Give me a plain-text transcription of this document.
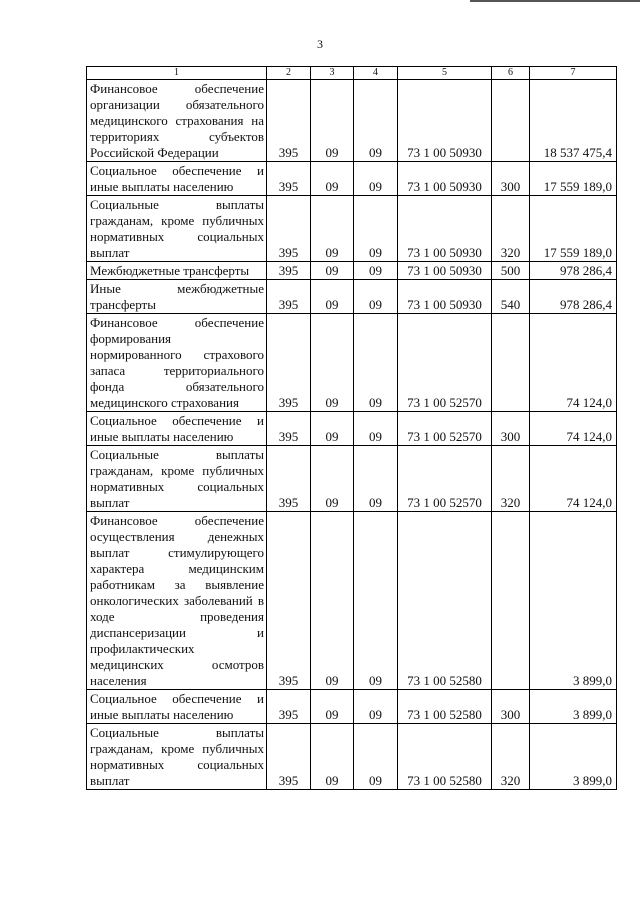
3
1	2	3	4	5	6	7
Финансовое обеспечение организации обязательного медицинского страхования на территориях субъектов Российской Федерации	395	09	09	73 1 00 50930		18 537 475,4
Социальное обеспечение и иные выплаты населению	395	09	09	73 1 00 50930	300	17 559 189,0
Социальные выплаты гражданам, кроме публичных нормативных социальных выплат	395	09	09	73 1 00 50930	320	17 559 189,0
Межбюджетные трансферты	395	09	09	73 1 00 50930	500	978 286,4
Иные межбюджетные трансферты	395	09	09	73 1 00 50930	540	978 286,4
Финансовое обеспечение формирования нормированного страхового запаса территориального фонда обязательного медицинского страхования	395	09	09	73 1 00 52570		74 124,0
Социальное обеспечение и иные выплаты населению	395	09	09	73 1 00 52570	300	74 124,0
Социальные выплаты гражданам, кроме публичных нормативных социальных выплат	395	09	09	73 1 00 52570	320	74 124,0
Финансовое обеспечение осуществления денежных выплат стимулирующего характера медицинским работникам за выявление онкологических заболеваний в ходе проведения диспансеризации и профилактических медицинских осмотров населения	395	09	09	73 1 00 52580		3 899,0
Социальное обеспечение и иные выплаты населению	395	09	09	73 1 00 52580	300	3 899,0
Социальные выплаты гражданам, кроме публичных нормативных социальных выплат	395	09	09	73 1 00 52580	320	3 899,0
